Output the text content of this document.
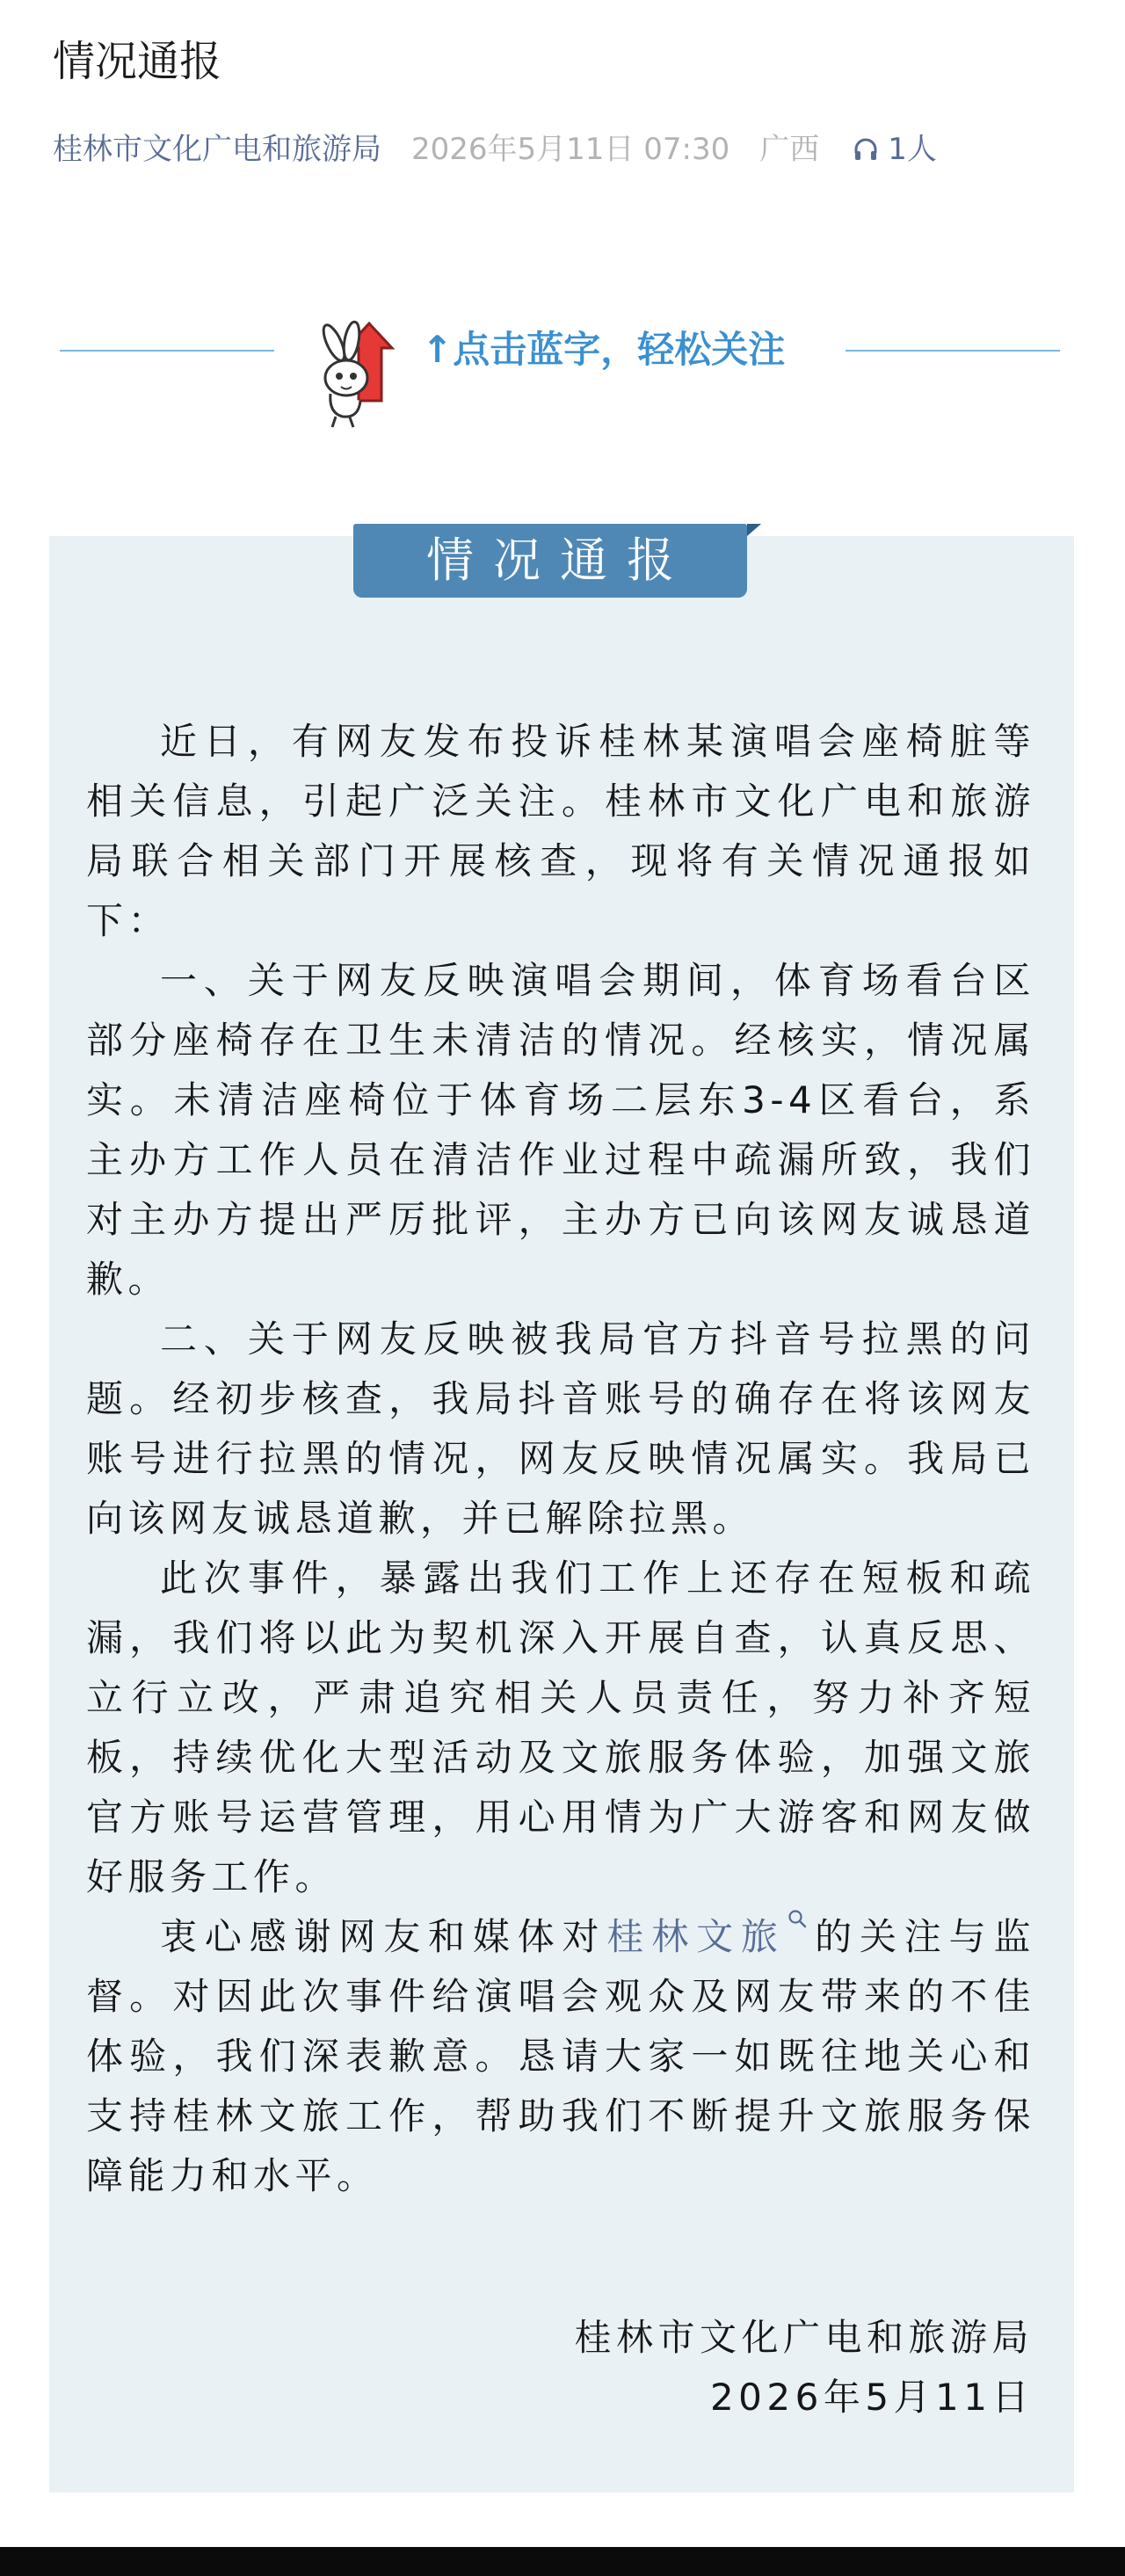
情况通报
桂林市文化广电和旅游局 2026年5月11日 07:30 广西 1人
↑点击蓝字，轻松关注
情况通报

近日，有网友发布投诉桂林某演唱会座椅脏等相关信息，引起广泛关注。桂林市文化广电和旅游局联合相关部门开展核查，现将有关情况通报如下：

一、关于网友反映演唱会期间，体育场看台区部分座椅存在卫生未清洁的情况。经核实，情况属实。未清洁座椅位于体育场二层东3-4区看台，系主办方工作人员在清洁作业过程中疏漏所致，我们对主办方提出严厉批评，主办方已向该网友诚恳道歉。

二、关于网友反映被我局官方抖音号拉黑的问题。经初步核查，我局抖音账号的确存在将该网友账号进行拉黑的情况，网友反映情况属实。我局已向该网友诚恳道歉，并已解除拉黑。

此次事件，暴露出我们工作上还存在短板和疏漏，我们将以此为契机深入开展自查，认真反思、立行立改，严肃追究相关人员责任，努力补齐短板，持续优化大型活动及文旅服务体验，加强文旅官方账号运营管理，用心用情为广大游客和网友做好服务工作。

衷心感谢网友和媒体对桂林文旅 的关注与监督。对因此次事件给演唱会观众及网友带来的不佳体验，我们深表歉意。恳请大家一如既往地关心和支持桂林文旅工作，帮助我们不断提升文旅服务保障能力和水平。

桂林市文化广电和旅游局
2026年5月11日
